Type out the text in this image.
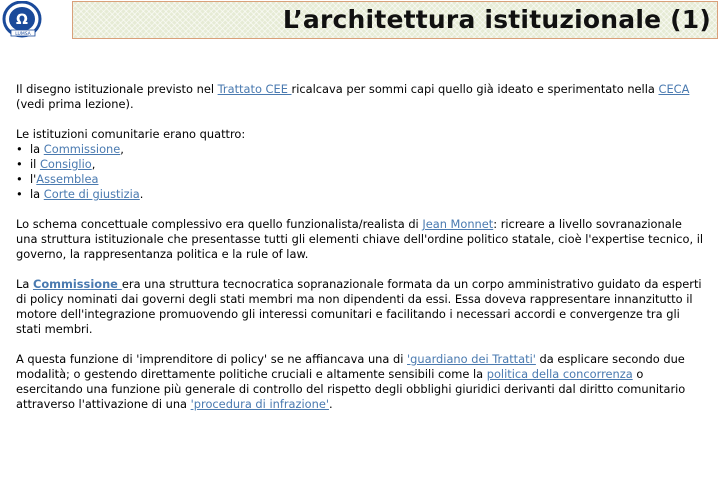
Ω
LUMSA
L’architettura istituzionale (1)

Il disegno istituzionale previsto nel Trattato CEE ricalcava per sommi capi quello già ideato e sperimentato nella CECA (vedi prima lezione).

Le istituzioni comunitarie erano quattro:
• la Commissione,
• il Consiglio,
• l'Assemblea
• la Corte di giustizia.

Lo schema concettuale complessivo era quello funzionalista/realista di Jean Monnet: ricreare a livello sovranazionale una struttura istituzionale che presentasse tutti gli elementi chiave dell'ordine politico statale, cioè l'expertise tecnico, il governo, la rappresentanza politica e la rule of law.

La Commissione era una struttura tecnocratica sopranazionale formata da un corpo amministrativo guidato da esperti di policy nominati dai governi degli stati membri ma non dipendenti da essi. Essa doveva rappresentare innanzitutto il motore dell'integrazione promuovendo gli interessi comunitari e facilitando i necessari accordi e convergenze tra gli stati membri.

A questa funzione di 'imprenditore di policy' se ne affiancava una di 'guardiano dei Trattati' da esplicare secondo due modalità; o gestendo direttamente politiche cruciali e altamente sensibili come la politica della concorrenza o esercitando una funzione più generale di controllo del rispetto degli obblighi giuridici derivanti dal diritto comunitario attraverso l'attivazione di una 'procedura di infrazione'.
